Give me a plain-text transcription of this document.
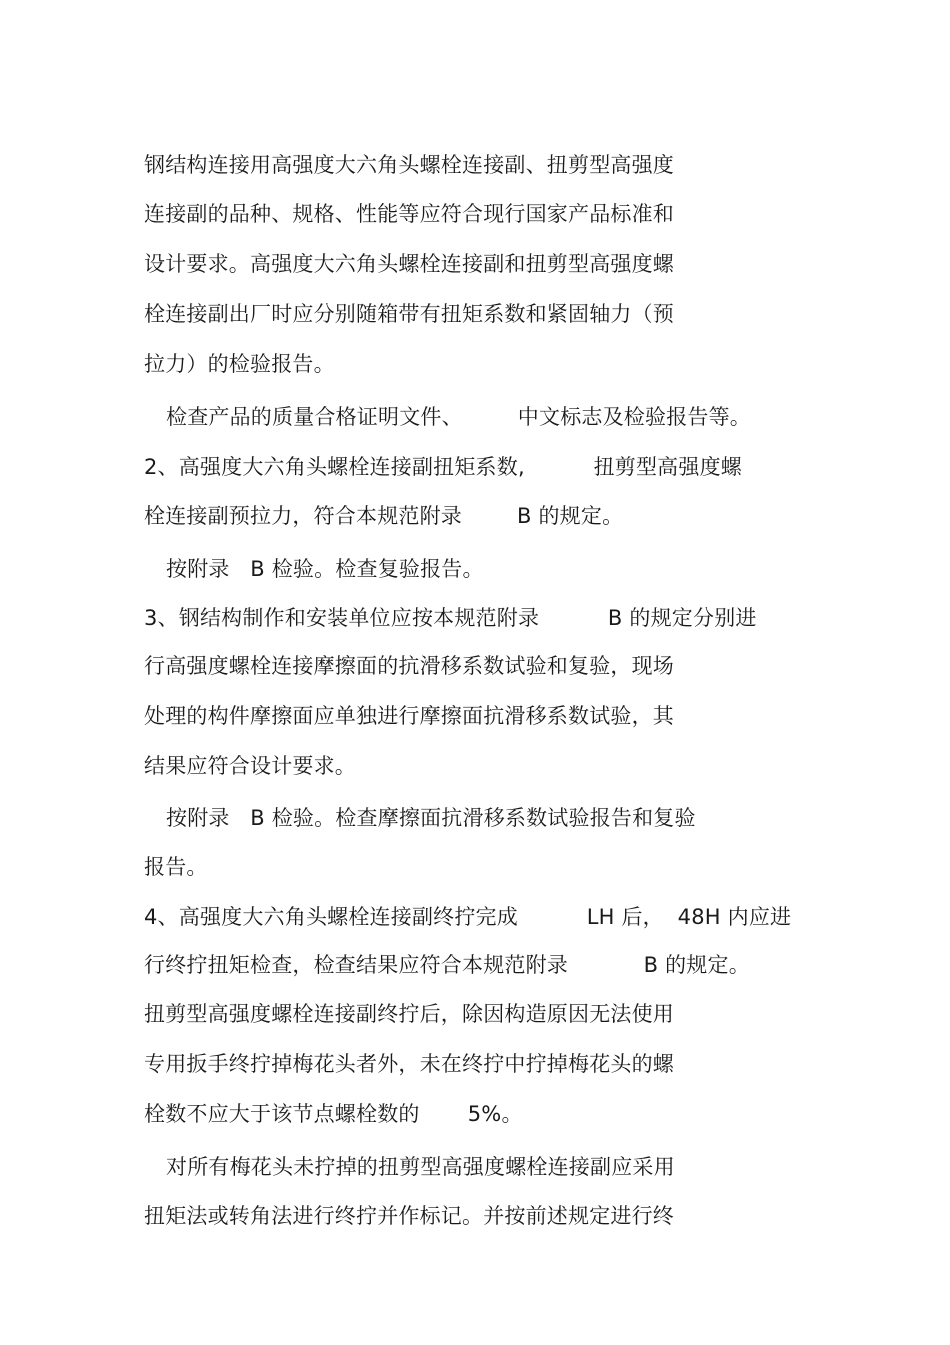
钢结构连接用高强度大六角头螺栓连接副、扭剪型高强度
连接副的品种、规格、性能等应符合现行国家产品标准和
设计要求。高强度大六角头螺栓连接副和扭剪型高强度螺
栓连接副出厂时应分别随箱带有扭矩系数和紧固轴力（预
拉力）的检验报告。
检查产品的质量合格证明文件、        中文标志及检验报告等。
2、高强度大六角头螺栓连接副扭矩系数,          扭剪型高强度螺
栓连接副预拉力，符合本规范附录        B 的规定。
按附录   B 检验。检查复验报告。
3、钢结构制作和安装单位应按本规范附录          B 的规定分别进
行高强度螺栓连接摩擦面的抗滑移系数试验和复验，现场
处理的构件摩擦面应单独进行摩擦面抗滑移系数试验，其
结果应符合设计要求。
按附录   B 检验。检查摩擦面抗滑移系数试验报告和复验
报告。
4、高强度大六角头螺栓连接副终拧完成          LH 后，  48H 内应进
行终拧扭矩检查，检查结果应符合本规范附录           B 的规定。
扭剪型高强度螺栓连接副终拧后，除因构造原因无法使用
专用扳手终拧掉梅花头者外，未在终拧中拧掉梅花头的螺
栓数不应大于该节点螺栓数的       5%。
对所有梅花头未拧掉的扭剪型高强度螺栓连接副应采用
扭矩法或转角法进行终拧并作标记。并按前述规定进行终
